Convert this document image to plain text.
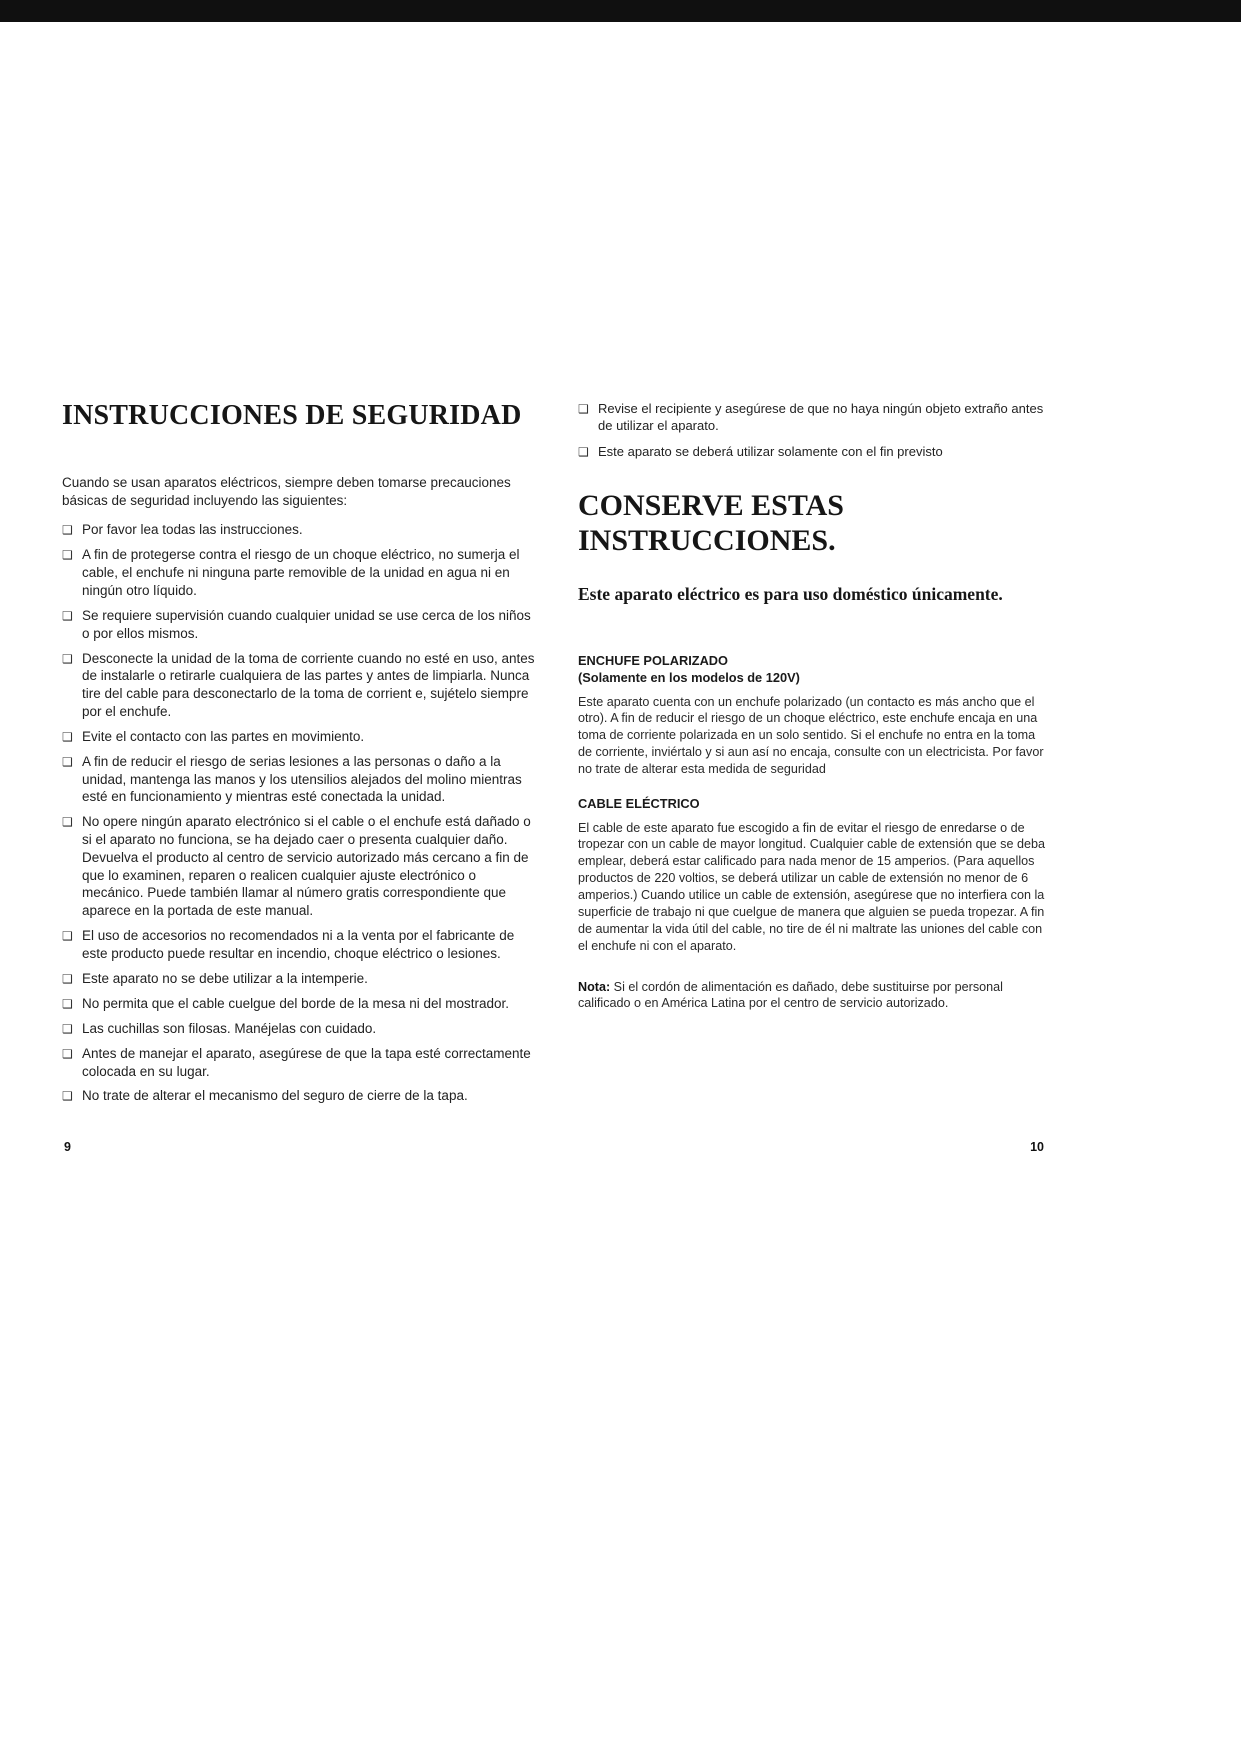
INSTRUCCIONES DE SEGURIDAD

Cuando se usan aparatos eléctricos, siempre deben tomarse precauciones básicas de seguridad incluyendo las siguientes:

❑ Por favor lea todas las instrucciones.
❑ A fin de protegerse contra el riesgo de un choque eléctrico, no sumerja el cable, el enchufe ni ninguna parte removible de la unidad en agua ni en ningún otro líquido.
❑ Se requiere supervisión cuando cualquier unidad se use cerca de los niños o por ellos mismos.
❑ Desconecte la unidad de la toma de corriente cuando no esté en uso, antes de instalarle o retirarle cualquiera de las partes y antes de limpiarla. Nunca tire del cable para desconectarlo de la toma de corrient e, sujételo siempre por el enchufe.
❑ Evite el contacto con las partes en movimiento.
❑ A fin de reducir el riesgo de serias lesiones a las personas o daño a la unidad, mantenga las manos y los utensilios alejados del molino mientras esté en funcionamiento y mientras esté conectada la unidad.
❑ No opere ningún aparato electrónico si el cable o el enchufe está dañado o si el aparato no funciona, se ha dejado caer o presenta cualquier daño. Devuelva el producto al centro de servicio autorizado más cercano a fin de que lo examinen, reparen o realicen cualquier ajuste electrónico o mecánico. Puede también llamar al número gratis correspondiente que aparece en la portada de este manual.
❑ El uso de accesorios no recomendados ni a la venta por el fabricante de este producto puede resultar en incendio, choque eléctrico o lesiones.
❑ Este aparato no se debe utilizar a la intemperie.
❑ No permita que el cable cuelgue del borde de la mesa ni del mostrador.
❑ Las cuchillas son filosas. Manéjelas con cuidado.
❑ Antes de manejar el aparato, asegúrese de que la tapa esté correctamente colocada en su lugar.
❑ No trate de alterar el mecanismo del seguro de cierre de la tapa.
❑ Revise el recipiente y asegúrese de que no haya ningún objeto extraño antes de utilizar el aparato.
❑ Este aparato se deberá utilizar solamente con el fin previsto
CONSERVE ESTAS INSTRUCCIONES.

Este aparato eléctrico es para uso doméstico únicamente.

ENCHUFE POLARIZADO
(Solamente en los modelos de 120V)

Este aparato cuenta con un enchufe polarizado (un contacto es más ancho que el otro). A fin de reducir el riesgo de un choque eléctrico, este enchufe encaja en una toma de corriente polarizada en un solo sentido. Si el enchufe no entra en la toma de corriente, inviértalo y si aun así no encaja, consulte con un electricista. Por favor no trate de alterar esta medida de seguridad

CABLE ELÉCTRICO

El cable de este aparato fue escogido a fin de evitar el riesgo de enredarse o de tropezar con un cable de mayor longitud. Cualquier cable de extensión que se deba emplear, deberá estar calificado para nada menor de 15 amperios. (Para aquellos productos de 220 voltios, se deberá utilizar un cable de extensión no menor de 6 amperios.) Cuando utilice un cable de extensión, asegúrese que no interfiera con la superficie de trabajo ni que cuelgue de manera que alguien se pueda tropezar. A fin de aumentar la vida útil del cable, no tire de él ni maltrate las uniones del cable con el enchufe ni con el aparato.

Nota: Si el cordón de alimentación es dañado, debe sustituirse por personal calificado o en América Latina por el centro de servicio autorizado.

9	10
